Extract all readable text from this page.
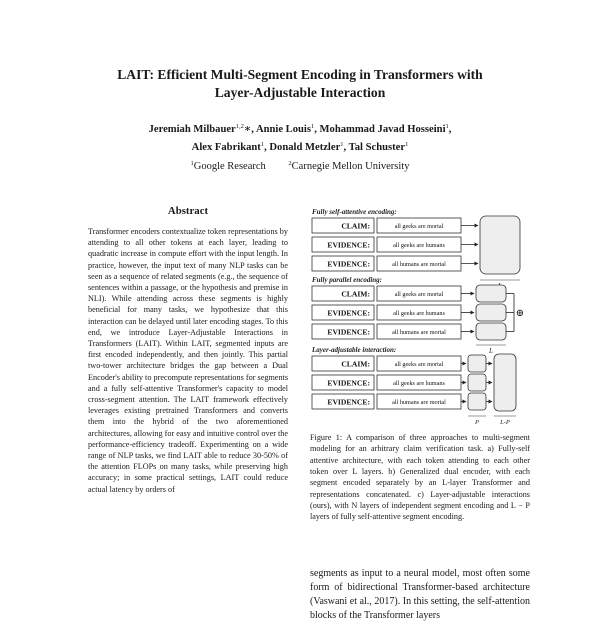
LAIT: Efficient Multi-Segment Encoding in Transformers with
Layer-Adjustable Interaction
Jeremiah Milbauer$^{1,2}$∗, Annie Louis$^1$, Mohammad Javad Hosseini$^1$,
Alex Fabrikant$^1$, Donald Metzler$^1$, Tal Schuster$^1$
$^1$Google Research	$^2$Carnegie Mellon University
Abstract

Transformer encoders contextualize token representations by attending to all other tokens at each layer, leading to quadratic increase in compute effort with the input length. In practice, however, the input text of many NLP tasks can be seen as a sequence of related segments (e.g., the sequence of sentences within a passage, or the hypothesis and premise in NLI). While attending across these segments is highly beneficial for many tasks, we hypothesize that this interaction can be delayed until later encoding stages. To this end, we introduce Layer-Adjustable Interactions in Transformers (LAIT). Within LAIT, segmented inputs are first encoded independently, and then jointly. This partial two-tower architecture bridges the gap between a Dual Encoder's ability to precompute representations for segments and a fully self-attentive Transformer's capacity to model cross-segment attention. The LAIT framework effectively leverages existing pretrained Transformers and converts them into the hybrid of the two aforementioned architectures, allowing for easy and intuitive control over the performance-efficiency tradeoff. Experimenting on a wide range of NLP tasks, we find LAIT able to reduce 30-50% of the attention FLOPs on many tasks, while preserving high accuracy; in some practical settings, LAIT could reduce actual latency by orders of

Fully self-attentive encoding:
CLAIM:	all geeks are mortal
EVIDENCE:	all geeks are humans
EVIDENCE:	all humans are mortal
Fully parallel encoding:
CLAIM:	all geeks are mortal
EVIDENCE:	all geeks are humans
EVIDENCE:	all humans are mortal
⊕
L
Layer-adjustable interaction:
CLAIM:	all geeks are mortal
EVIDENCE:	all geeks are humans
EVIDENCE:	all humans are mortal
P	L-P

Figure 1: A comparison of three approaches to multi-segment modeling for an arbitrary claim verification task. a) Fully-self attentive architecture, with each token attending to each other token over L layers. b) Generalized dual encoder, with each segment encoded separately by an L-layer Transformer and representations concatenated. c) Layer-adjustable interactions (ours), with N layers of independent segment encoding and L − P layers of fully self-attentive segment encoding.

segments as input to a neural model, most often some form of bidirectional Transformer-based architecture (Vaswani et al., 2017). In this setting, the self-attention blocks of the Transformer layers
